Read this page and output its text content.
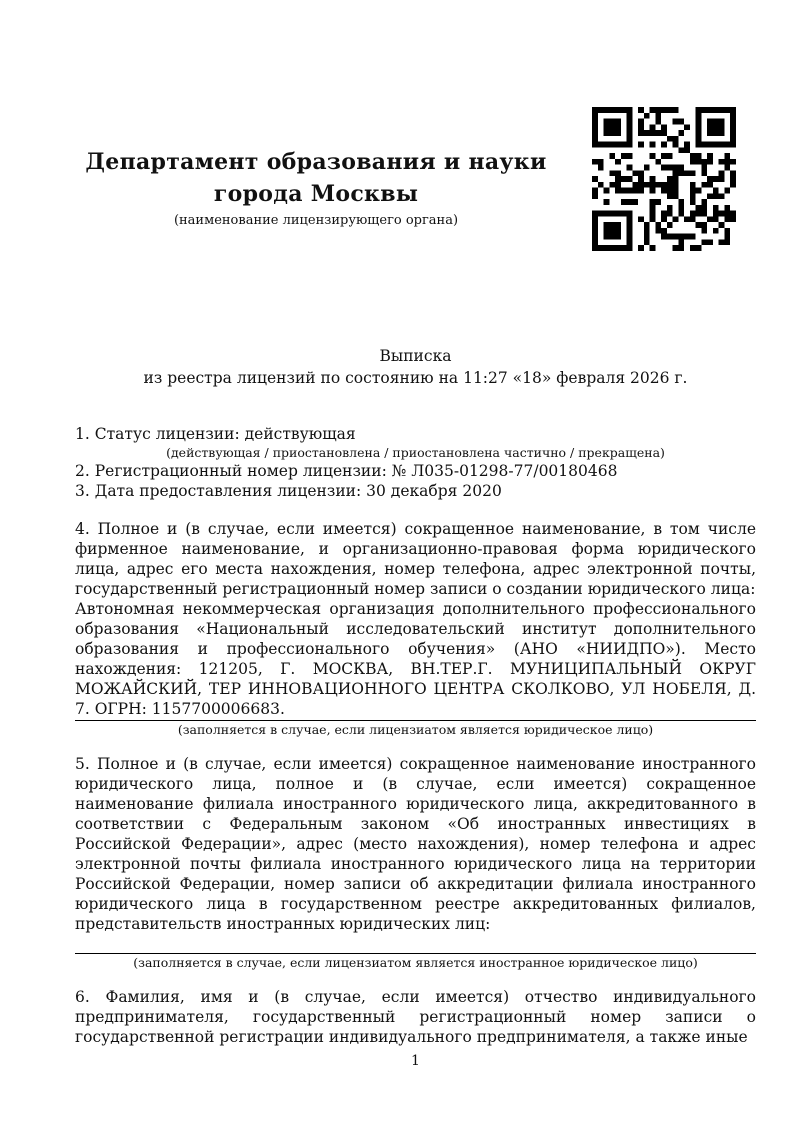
Департамент образования и науки
города Москвы
(наименование лицензирующего органа)
Выписка
из реестра лицензий по состоянию на 11:27 «18» февраля 2026 г.

1. Статус лицензии: действующая

(действующая / приостановлена / приостановлена частично / прекращена)

2. Регистрационный номер лицензии: № Л035-01298-77/00180468

3. Дата предоставления лицензии: 30 декабря 2020

4. Полное и (в случае, если имеется) сокращенное наименование, в том числе фирменное наименование, и организационно-правовая форма юридического лица, адрес его места нахождения, номер телефона, адрес электронной почты, государственный регистрационный номер записи о создании юридического лица:

Автономная некоммерческая организация дополнительного профессионального образования «Национальный исследовательский институт дополнительного образования и профессионального обучения» (АНО «НИИДПО»). Место нахождения: 121205, Г. МОСКВА, ВН.ТЕР.Г. МУНИЦИПАЛЬНЫЙ ОКРУГ МОЖАЙСКИЙ, ТЕР ИННОВАЦИОННОГО ЦЕНТРА СКОЛКОВО, УЛ НОБЕЛЯ, Д. 7. ОГРН: 1157700006683.

(заполняется в случае, если лицензиатом является юридическое лицо)

5. Полное и (в случае, если имеется) сокращенное наименование иностранного юридического лица, полное и (в случае, если имеется) сокращенное наименование филиала иностранного юридического лица, аккредитованного в соответствии с Федеральным законом «Об иностранных инвестициях в Российской Федерации», адрес (место нахождения), номер телефона и адрес электронной почты филиала иностранного юридического лица на территории Российской Федерации, номер записи об аккредитации филиала иностранного юридического лица в государственном реестре аккредитованных филиалов, представительств иностранных юридических лиц:

(заполняется в случае, если лицензиатом является иностранное юридическое лицо)

6. Фамилия, имя и (в случае, если имеется) отчество индивидуального предпринимателя, государственный регистрационный номер записи о государственной регистрации индивидуального предпринимателя, а также иные

1
